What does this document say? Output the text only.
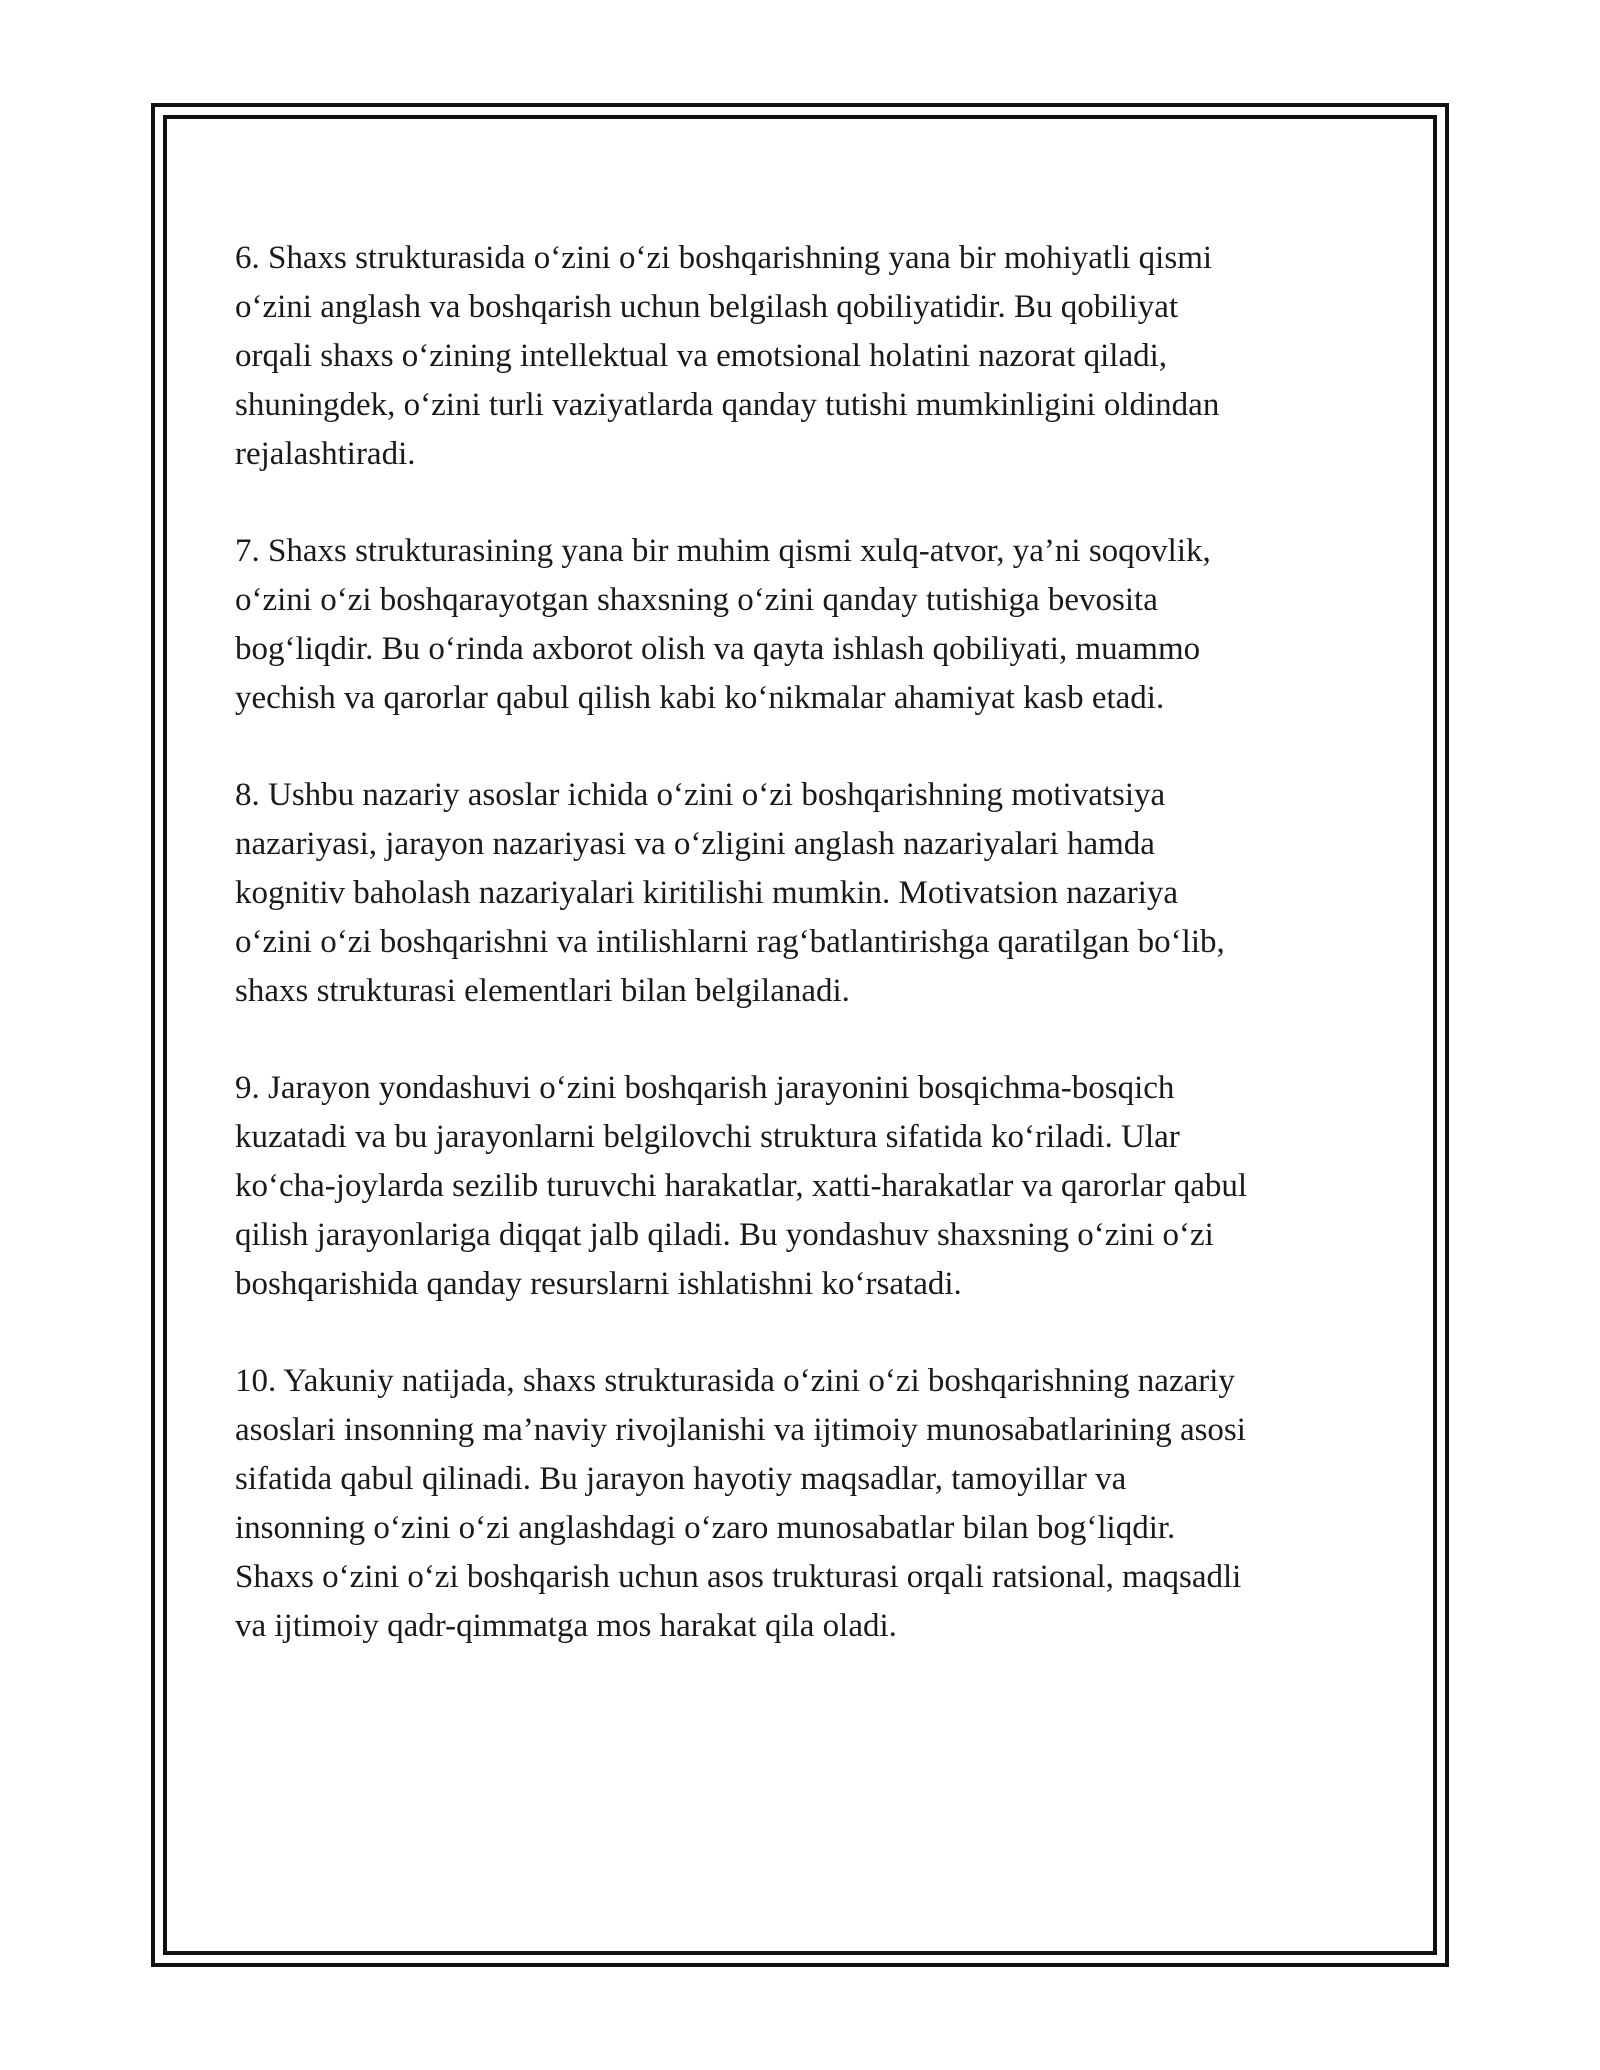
6. Shaxs strukturasida o‘zini o‘zi boshqarishning yana bir mohiyatli qismi
o‘zini anglash va boshqarish uchun belgilash qobiliyatidir. Bu qobiliyat
orqali shaxs o‘zining intellektual va emotsional holatini nazorat qiladi,
shuningdek, o‘zini turli vaziyatlarda qanday tutishi mumkinligini oldindan
rejalashtiradi.

7. Shaxs strukturasining yana bir muhim qismi xulq-atvor, ya’ni soqovlik,
o‘zini o‘zi boshqarayotgan shaxsning o‘zini qanday tutishiga bevosita
bog‘liqdir. Bu o‘rinda axborot olish va qayta ishlash qobiliyati, muammo
yechish va qarorlar qabul qilish kabi ko‘nikmalar ahamiyat kasb etadi.

8. Ushbu nazariy asoslar ichida o‘zini o‘zi boshqarishning motivatsiya
nazariyasi, jarayon nazariyasi va o‘zligini anglash nazariyalari hamda
kognitiv baholash nazariyalari kiritilishi mumkin. Motivatsion nazariya
o‘zini o‘zi boshqarishni va intilishlarni rag‘batlantirishga qaratilgan bo‘lib,
shaxs strukturasi elementlari bilan belgilanadi.

9. Jarayon yondashuvi o‘zini boshqarish jarayonini bosqichma-bosqich
kuzatadi va bu jarayonlarni belgilovchi struktura sifatida ko‘riladi. Ular
ko‘cha-joylarda sezilib turuvchi harakatlar, xatti-harakatlar va qarorlar qabul
qilish jarayonlariga diqqat jalb qiladi. Bu yondashuv shaxsning o‘zini o‘zi
boshqarishida qanday resurslarni ishlatishni ko‘rsatadi.

10. Yakuniy natijada, shaxs strukturasida o‘zini o‘zi boshqarishning nazariy
asoslari insonning ma’naviy rivojlanishi va ijtimoiy munosabatlarining asosi
sifatida qabul qilinadi. Bu jarayon hayotiy maqsadlar, tamoyillar va
insonning o‘zini o‘zi anglashdagi o‘zaro munosabatlar bilan bog‘liqdir.
Shaxs o‘zini o‘zi boshqarish uchun asos trukturasi orqali ratsional, maqsadli
va ijtimoiy qadr-qimmatga mos harakat qila oladi.
